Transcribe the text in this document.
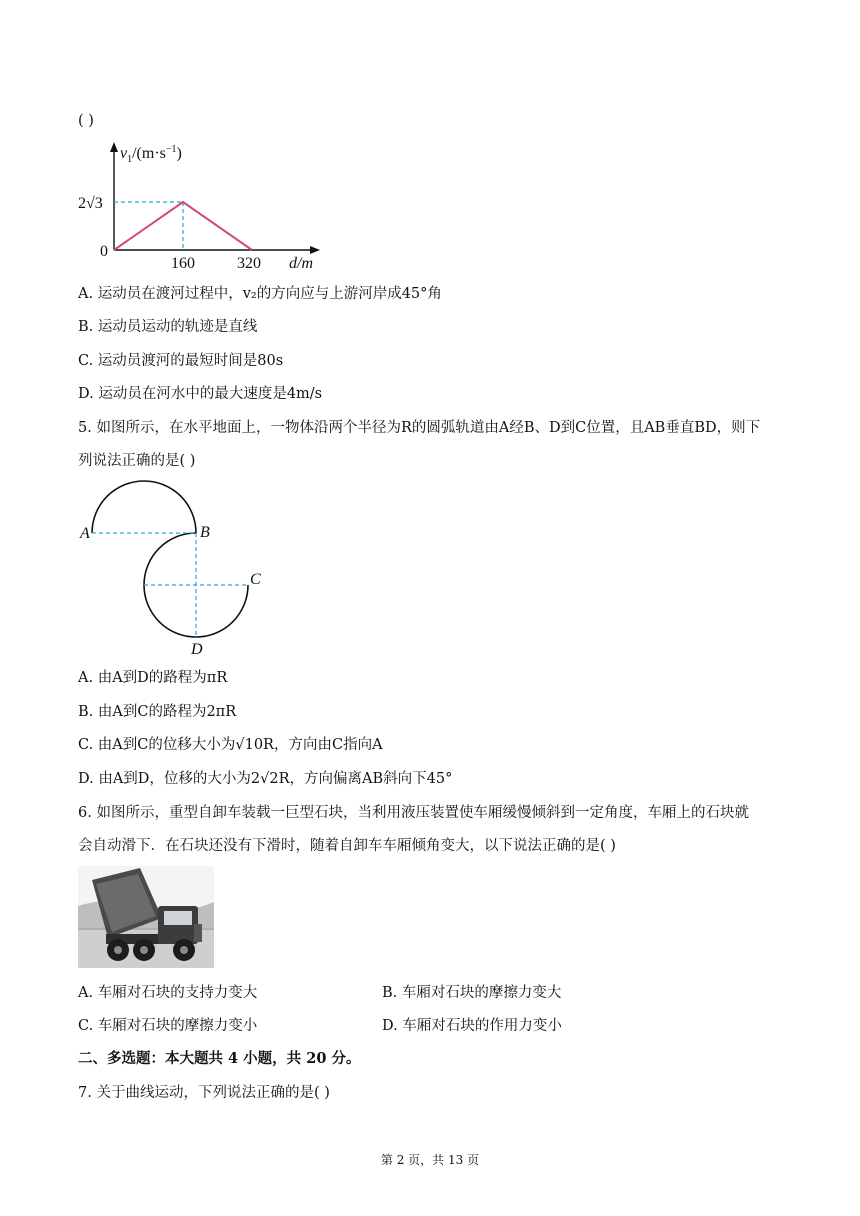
( )
$v_1/(m\cdot s^{-1})$
2√3
0
160	320 d/m
A. 运动员在渡河过程中，v₂的方向应与上游河岸成45°角
B. 运动员运动的轨迹是直线
C. 运动员渡河的最短时间是80s
D. 运动员在河水中的最大速度是4m/s
5. 如图所示，在水平地面上，一物体沿两个半径为R的圆弧轨道由A经B、D到C位置，且AB垂直BD，则下
列说法正确的是( )
A	B
C
D
A. 由A到D的路程为πR
B. 由A到C的路程为2πR
C. 由A到C的位移大小为√10R，方向由C指向A
D. 由A到D，位移的大小为2√2R，方向偏离AB斜向下45°
6. 如图所示，重型自卸车装载一巨型石块，当利用液压装置使车厢缓慢倾斜到一定角度，车厢上的石块就
会自动滑下．在石块还没有下滑时，随着自卸车车厢倾角变大，以下说法正确的是( )
A. 车厢对石块的支持力变大	B. 车厢对石块的摩擦力变大
C. 车厢对石块的摩擦力变小	D. 车厢对石块的作用力变小
二、多选题：本大题共 4 小题，共 20 分。
7. 关于曲线运动，下列说法正确的是( )
第 2 页，共 13 页
